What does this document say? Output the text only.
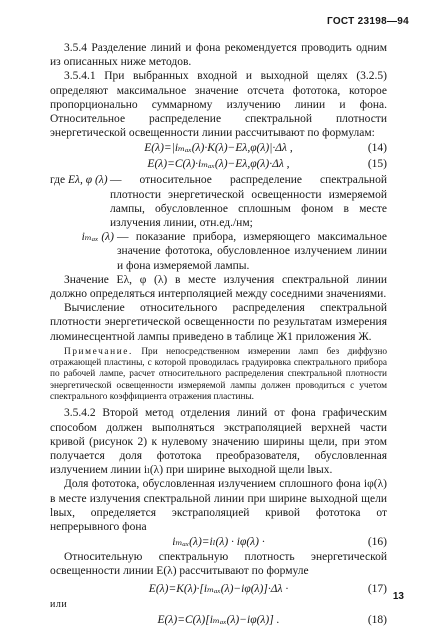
ГОСТ 23198—94

3.5.4 Разделение линий и фона рекомендуется проводить одним из описанных ниже методов.

3.5.4.1 При выбранных входной и выходной щелях (3.2.5) определяют максимальное значение отсчета фототока, которое пропорционально суммарному излучению линии и фона. Относительное распределение спектральной плотности энергетической освещенности линии рассчитывают по формулам:

E(λ)=|iₘₐₓ(λ)·K(λ)−Eλ,φ(λ)|·Δλ ,	(14)
E(λ)=C(λ)·iₘₐₓ(λ)−Eλ,φ(λ)·Δλ ,	(15)
где Eλ, φ (λ) — относительное распределение спектральной плотности энергетической освещенности измеряемой лампы, обусловленное сплошным фоном в месте излучения линии, отн.ед./нм;
iₘₐₓ (λ) — показание прибора, измеряющего максимальное значение фототока, обусловленное излучением линии и фона измеряемой лампы.

Значение Eλ, φ (λ) в месте излучения спектральной линии должно определяться интерполяцией между соседними значениями.

Вычисление относительного распределения спектральной плотности энергетической освещенности по результатам измерения люминесцентной лампы приведено в таблице Ж1 приложения Ж.

Примечание. При непосредственном измерении ламп без диффузно отражающей пластины, с которой проводилась градуировка спектрального прибора по рабочей лампе, расчет относительного распределения спектральной плотности энергетической освещенности измеряемой лампы должен проводиться с учетом спектрального коэффициента отражения пластины.

3.5.4.2 Второй метод отделения линий от фона графическим способом должен выполняться экстраполяцией верхней части кривой (рисунок 2) к нулевому значению ширины щели, при этом получается доля фототока преобразователя, обусловленная излучением линии iₗ(λ) при ширине выходной щели lвых.

Доля фототока, обусловленная излучением сплошного фона iφ(λ) в месте излучения спектральной линии при ширине выходной щели lвых, определяется экстраполяцией кривой фототока от непрерывного фона

iₘₐₓ(λ)=iₗ(λ) · iφ(λ) ·	(16)

Относительную спектральную плотность энергетической освещенности линии E(λ) рассчитывают по формуле

E(λ)=K(λ)·[iₘₐₓ(λ)−iφ(λ)]·Δλ ·	(17)
или
E(λ)=C(λ)[iₘₐₓ(λ)−iφ(λ)] .	(18)
13
